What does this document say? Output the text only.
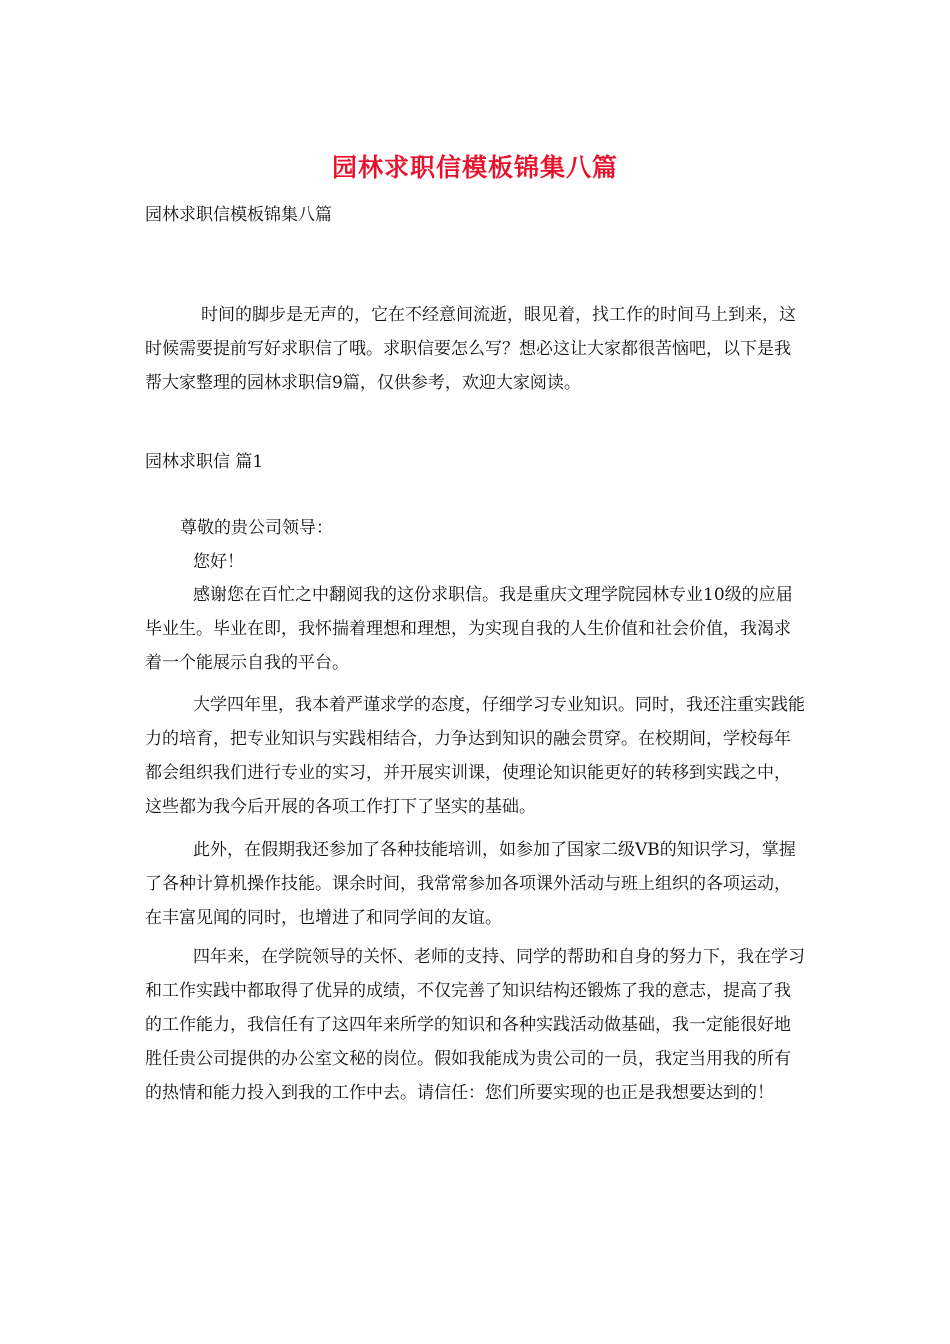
园林求职信模板锦集八篇
园林求职信模板锦集八篇

时间的脚步是无声的，它在不经意间流逝，眼见着，找工作的时间马上到来，这时候需要提前写好求职信了哦。求职信要怎么写？想必这让大家都很苦恼吧，以下是我帮大家整理的园林求职信9篇，仅供参考，欢迎大家阅读。

园林求职信 篇1
尊敬的贵公司领导：
您好！

感谢您在百忙之中翻阅我的这份求职信。我是重庆文理学院园林专业10级的应届毕业生。毕业在即，我怀揣着理想和理想，为实现自我的人生价值和社会价值，我渴求着一个能展示自我的平台。

大学四年里，我本着严谨求学的态度，仔细学习专业知识。同时，我还注重实践能力的培育，把专业知识与实践相结合，力争达到知识的融会贯穿。在校期间，学校每年都会组织我们进行专业的实习，并开展实训课，使理论知识能更好的转移到实践之中，这些都为我今后开展的各项工作打下了坚实的基础。

此外，在假期我还参加了各种技能培训，如参加了国家二级VB的知识学习，掌握了各种计算机操作技能。课余时间，我常常参加各项课外活动与班上组织的各项运动，在丰富见闻的同时，也增进了和同学间的友谊。

四年来，在学院领导的关怀、老师的支持、同学的帮助和自身的努力下，我在学习和工作实践中都取得了优异的成绩，不仅完善了知识结构还锻炼了我的意志，提高了我的工作能力，我信任有了这四年来所学的知识和各种实践活动做基础，我一定能很好地胜任贵公司提供的办公室文秘的岗位。假如我能成为贵公司的一员，我定当用我的所有的热情和能力投入到我的工作中去。请信任：您们所要实现的也正是我想要达到的！
